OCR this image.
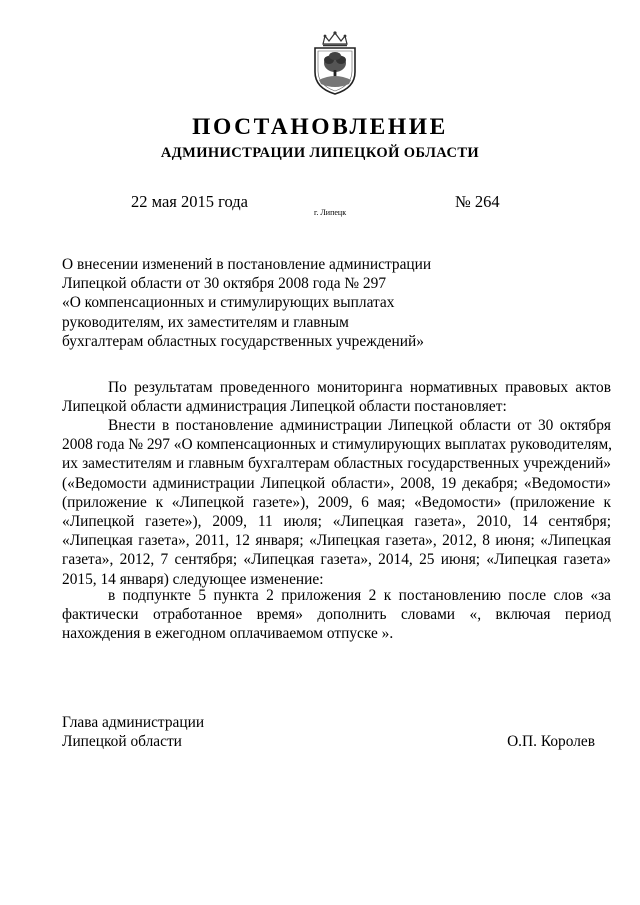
ПОСТАНОВЛЕНИЕ
АДМИНИСТРАЦИИ ЛИПЕЦКОЙ ОБЛАСТИ
22 мая 2015 года
г. Липецк
№ 264
О внесении изменений в постановление администрации
Липецкой области от 30 октября 2008 года № 297
«О компенсационных и стимулирующих выплатах
руководителям, их заместителям и главным
бухгалтерам областных государственных учреждений»
По результатам проведенного мониторинга нормативных правовых актов
Липецкой области администрация Липецкой области постановляет:
Внести в постановление администрации Липецкой области от 30 октября
2008 года № 297 «О компенсационных и стимулирующих выплатах руководителям,
их заместителям и главным бухгалтерам областных государственных учреждений»
(«Ведомости администрации Липецкой области», 2008, 19 декабря; «Ведомости»
(приложение к «Липецкой газете»), 2009, 6 мая; «Ведомости» (приложение к
«Липецкой газете»), 2009, 11 июля; «Липецкая газета», 2010, 14 сентября;
«Липецкая газета», 2011, 12 января; «Липецкая газета», 2012, 8 июня; «Липецкая
газета», 2012, 7 сентября; «Липецкая газета», 2014, 25 июня; «Липецкая газета»
2015, 14 января) следующее изменение:
в подпункте 5 пункта 2 приложения 2 к постановлению после слов «за
фактически отработанное время» дополнить словами «, включая период
нахождения в ежегодном оплачиваемом отпуске ».
Глава администрации
Липецкой области	О.П. Королев
